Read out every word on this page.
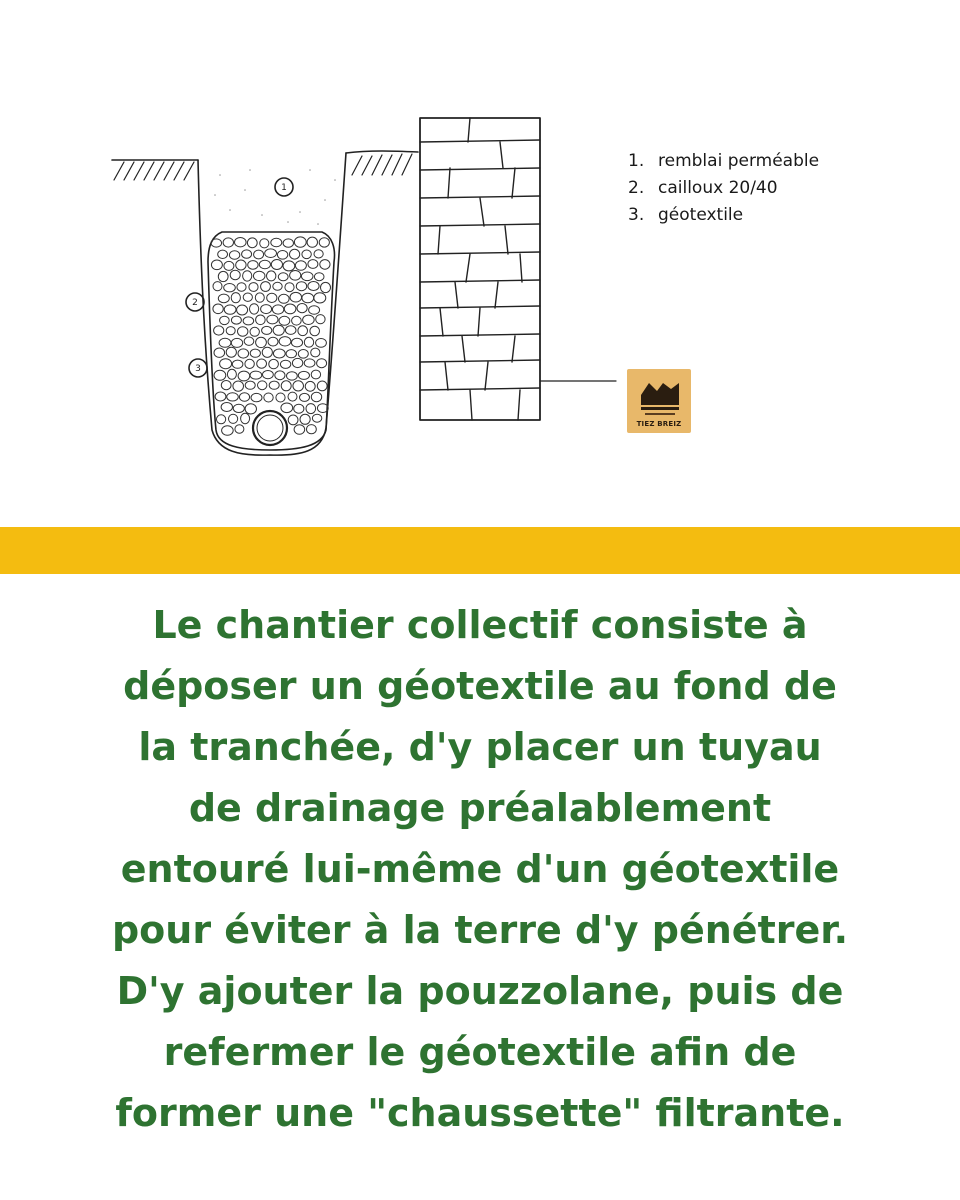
1
2
3
1. remblai perméable
2. cailloux 20/40
3. géotextile
TIEZ BREIZ
Le chantier collectif consiste à
déposer un géotextile au fond de
la tranchée, d'y placer un tuyau
de drainage préalablement
entouré lui-même d'un géotextile
pour éviter à la terre d'y pénétrer.
D'y ajouter la pouzzolane, puis de
refermer le géotextile afin de
former une "chaussette" filtrante.
